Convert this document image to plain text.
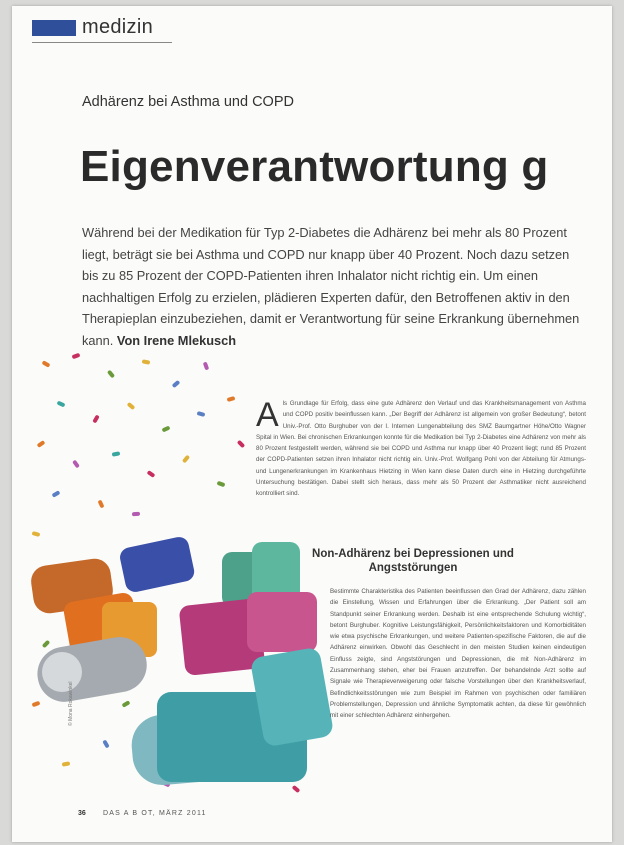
medizin
Adhärenz bei Asthma und COPD
Eigenverantwortung g
Während bei der Medikation für Typ 2-Diabetes die Adhärenz bei mehr als 80 Prozent liegt, beträgt sie bei Asthma und COPD nur knapp über 40 Prozent. Noch dazu setzen bis zu 85 Prozent der COPD-Patienten ihren Inhalator nicht richtig ein. Um einen nachhaltigen Erfolg zu erzielen, plädieren Experten dafür, den Betroffenen aktiv in den Therapieplan einzubeziehen, damit er Verantwortung für seine Erkrankung übernehmen kann. Von Irene Mlekusch
A ls Grundlage für Erfolg, dass eine gute Adhärenz den Verlauf und das Krankheitsmanagement von Asthma und COPD positiv beeinflussen kann. „Der Begriff der Adhärenz ist allgemein von großer Bedeutung“, betont Univ.-Prof. Otto Burghuber von der I. Internen Lungenabteilung des SMZ Baumgartner Höhe/Otto Wagner Spital in Wien. Bei chronischen Erkrankungen konnte für die Medikation bei Typ 2-Diabetes eine Adhärenz von mehr als 80 Prozent festgestellt werden, während sie bei COPD und Asthma nur knapp über 40 Prozent liegt; rund 85 Prozent der COPD-Patienten setzen ihren Inhalator nicht richtig ein. Univ.-Prof. Wolfgang Pohl von der Abteilung für Atmungs- und Lungenerkrankungen im Krankenhaus Hietzing in Wien kann diese Daten durch eine in Hietzing durchgeführte Untersuchung bestätigen. Dabei stellt sich heraus, dass mehr als 50 Prozent der Asthmatiker nicht ausreichend kontrolliert sind.
Non-Adhärenz bei Depressionen und Angststörungen
Bestimmte Charakteristika des Patienten beeinflussen den Grad der Adhärenz, dazu zählen die Einstellung, Wissen und Erfahrungen über die Erkrankung. „Der Patient soll am Standpunkt seiner Erkrankung werden. Deshalb ist eine entsprechende Schulung wichtig“, betont Burghuber. Kognitive Leistungsfähigkeit, Persönlichkeitsfaktoren und Komorbiditäten wie etwa psychische Erkrankungen, und weitere Patienten-spezifische Faktoren, die auf die Adhärenz einwirken. Obwohl das Geschlecht in den meisten Studien keinen eindeutigen Einfluss zeigte, sind Angststörungen und Depressionen, die mit Non-Adhärenz im Zusammenhang stehen, eher bei Frauen anzutreffen. Der behandelnde Arzt sollte auf Signale wie Therapieverweigerung oder falsche Vorstellungen über den Krankheitsverlauf, Befindlichkeitsstörungen wie zum Beispiel im Rahmen von psychischen oder familiären Problemstellungen, Depression und ähnliche Symptomatik achten, da diese für gewöhnlich mit einer schlechten Adhärenz einhergehen.
© Mona Rokawinkel
36 DAS A B OT, MÄRZ 2011
